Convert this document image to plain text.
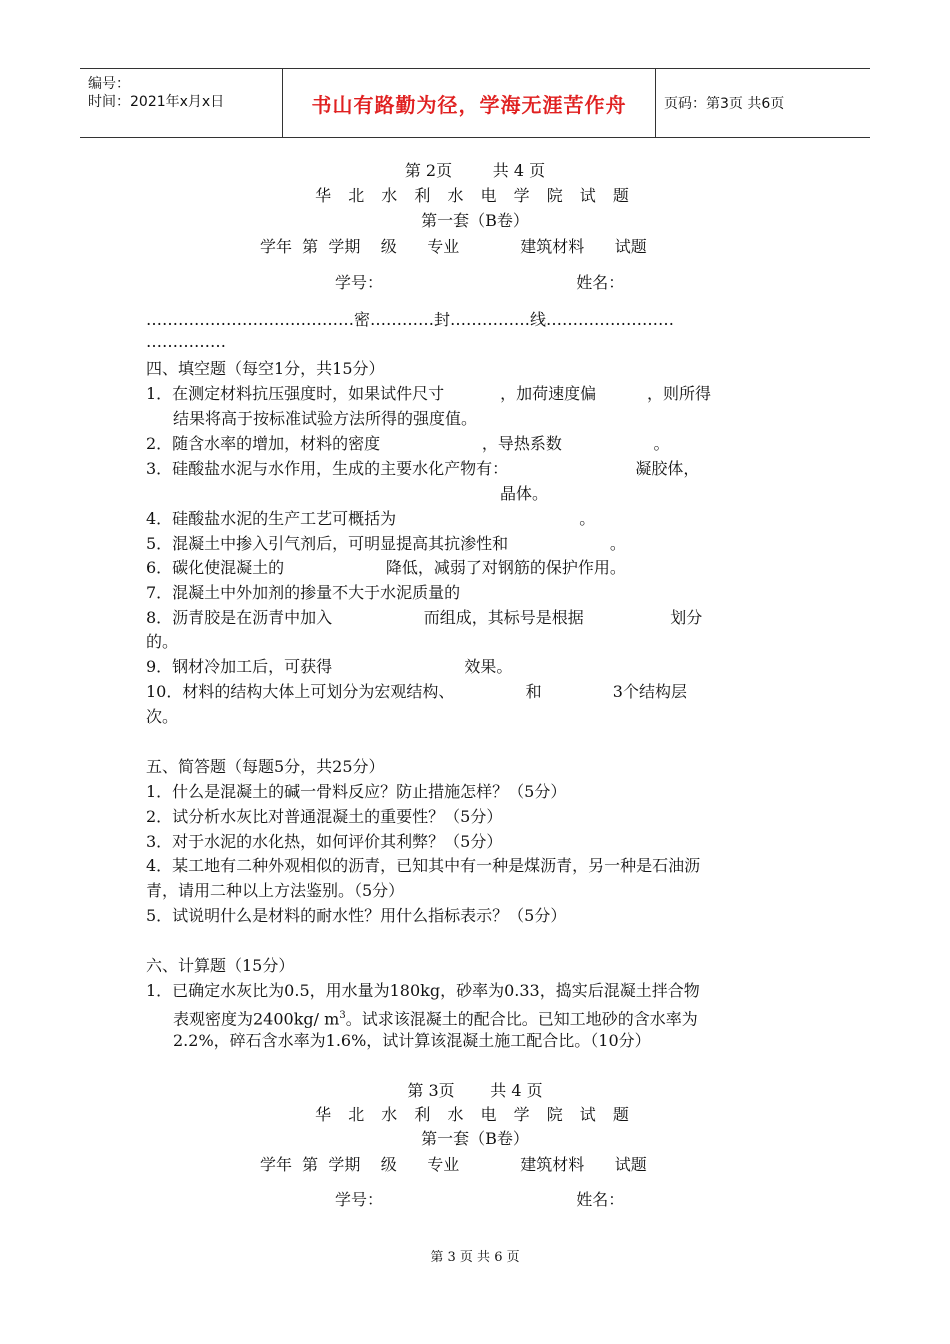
编号：
时间：2021年x月x日	书山有路勤为径，学海无涯苦作舟	页码：第3页 共6页
第 2页        共 4 页
华 北 水 利 水 电 学 院 试 题
第一套（B卷）
学年  第  学期    级      专业            建筑材料      试题
学号：                                      姓名：
…………………………………密…………封……………线……………………
……………
四、填空题（每空1分，共15分）
1．在测定材料抗压强度时，如果试件尺寸           ，加荷速度偏          ，则所得
结果将高于按标准试验方法所得的强度值。
2．随含水率的增加，材料的密度                    ，导热系数                  。
3．硅酸盐水泥与水作用，生成的主要水化产物有：                         凝胶体，
晶体。
4．硅酸盐水泥的生产工艺可概括为                                    。
5．混凝土中掺入引气剂后，可明显提高其抗渗性和                    。
6．碳化使混凝土的                    降低，减弱了对钢筋的保护作用。
7．混凝土中外加剂的掺量不大于水泥质量的
8．沥青胶是在沥青中加入                  而组成，其标号是根据                 划分
的。
9．钢材冷加工后，可获得                          效果。
10．材料的结构大体上可划分为宏观结构、              和              3个结构层
次。
五、简答题（每题5分，共25分）
1．什么是混凝土的碱一骨料反应？防止措施怎样？（5分）
2．试分析水灰比对普通混凝土的重要性？（5分）
3．对于水泥的水化热，如何评价其利弊？（5分）
4．某工地有二种外观相似的沥青，已知其中有一种是煤沥青，另一种是石油沥
青，请用二种以上方法鉴别。（5分）
5．试说明什么是材料的耐水性？用什么指标表示？（5分）
六、计算题（15分）
1．已确定水灰比为0.5，用水量为180kg，砂率为0.33，捣实后混凝土拌合物
表观密度为2400kg/ $m^3$。试求该混凝土的配合比。已知工地砂的含水率为
2.2%，碎石含水率为1.6%，试计算该混凝土施工配合比。（10分）
第 3页       共 4 页
华 北 水 利 水 电 学 院 试 题
第一套（B卷）
学年  第  学期    级      专业            建筑材料      试题
学号：                                      姓名：
第 3 页 共 6 页
